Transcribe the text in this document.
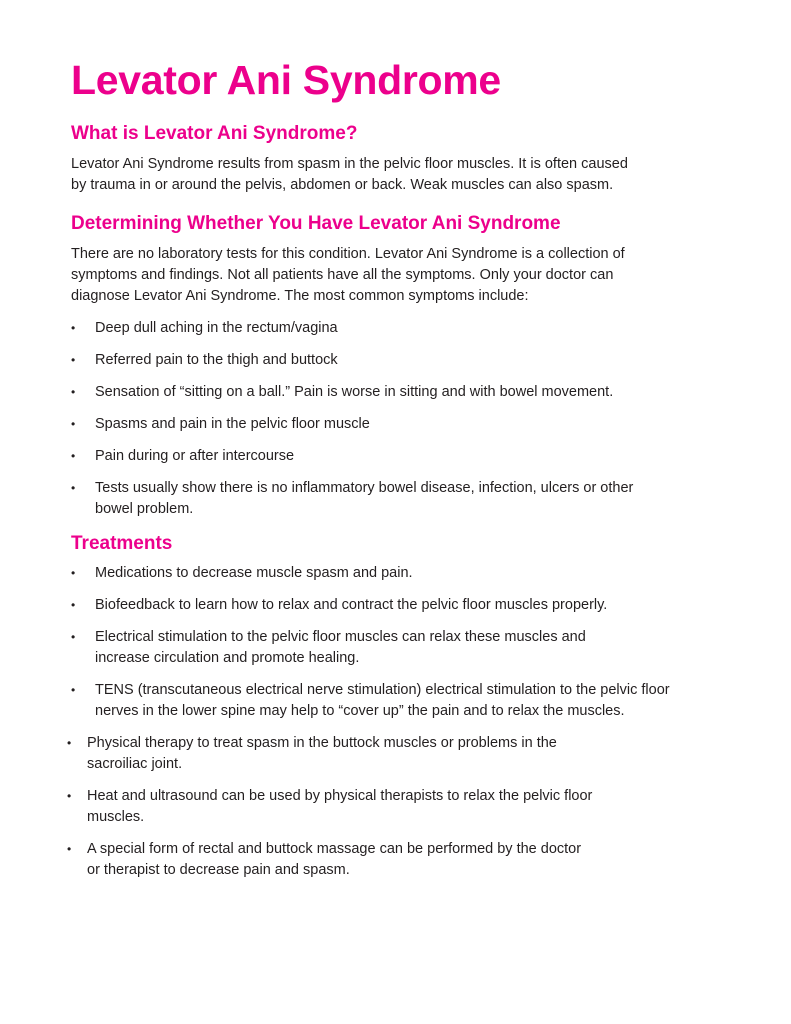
Levator Ani Syndrome
What is Levator Ani Syndrome?

Levator Ani Syndrome results from spasm in the pelvic floor muscles. It is often caused by trauma in or around the pelvis, abdomen or back. Weak muscles can also spasm.

Determining Whether You Have Levator Ani Syndrome

There are no laboratory tests for this condition. Levator Ani Syndrome is a collection of symptoms and findings. Not all patients have all the symptoms. Only your doctor can diagnose Levator Ani Syndrome. The most common symptoms include:

• Deep dull aching in the rectum/vagina
• Referred pain to the thigh and buttock
• Sensation of “sitting on a ball.” Pain is worse in sitting and with bowel movement.
• Spasms and pain in the pelvic floor muscle
• Pain during or after intercourse
• Tests usually show there is no inflammatory bowel disease, infection, ulcers or other bowel problem.
Treatments
• Medications to decrease muscle spasm and pain.
• Biofeedback to learn how to relax and contract the pelvic floor muscles properly.
• Electrical stimulation to the pelvic floor muscles can relax these muscles and increase circulation and promote healing.
• TENS (transcutaneous electrical nerve stimulation) electrical stimulation to the pelvic floor nerves in the lower spine may help to “cover up” the pain and to relax the muscles.
• Physical therapy to treat spasm in the buttock muscles or problems in the sacroiliac joint.
• Heat and ultrasound can be used by physical therapists to relax the pelvic floor muscles.
• A special form of rectal and buttock massage can be performed by the doctor or therapist to decrease pain and spasm.
